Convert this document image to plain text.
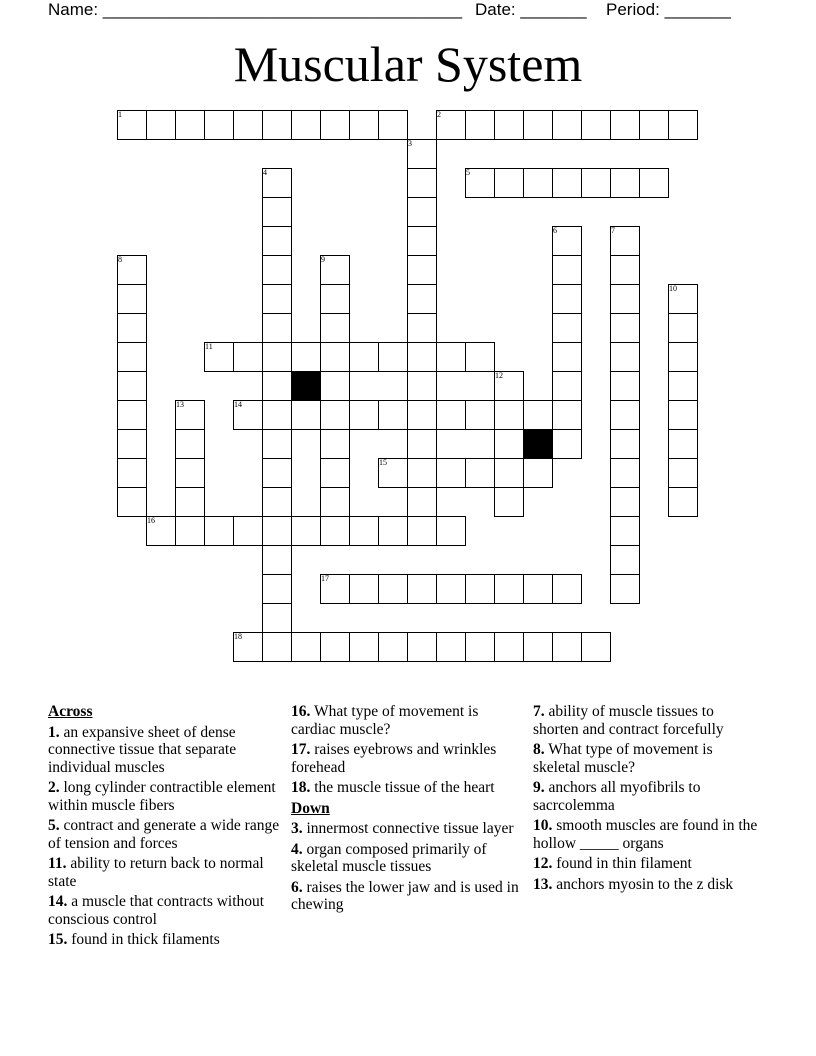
Name: ______________________________________ Date: _______ Period: _______
Muscular System
1	2
3
4	5
6	7
8	9
10
11
12
13	14
15
16
17
18
Across
1. an expansive sheet of dense connective tissue that separate individual muscles
2. long cylinder contractible element within muscle fibers
5. contract and generate a wide range of tension and forces
11. ability to return back to normal state
14. a muscle that contracts without conscious control
15. found in thick filaments
16. What type of movement is cardiac muscle?
17. raises eyebrows and wrinkles forehead
18. the muscle tissue of the heart
Down
3. innermost connective tissue layer
4. organ composed primarily of skeletal muscle tissues
6. raises the lower jaw and is used in chewing
7. ability of muscle tissues to shorten and contract forcefully
8. What type of movement is skeletal muscle?
9. anchors all myofibrils to sacrcolemma
10. smooth muscles are found in the hollow _____ organs
12. found in thin filament
13. anchors myosin to the z disk
